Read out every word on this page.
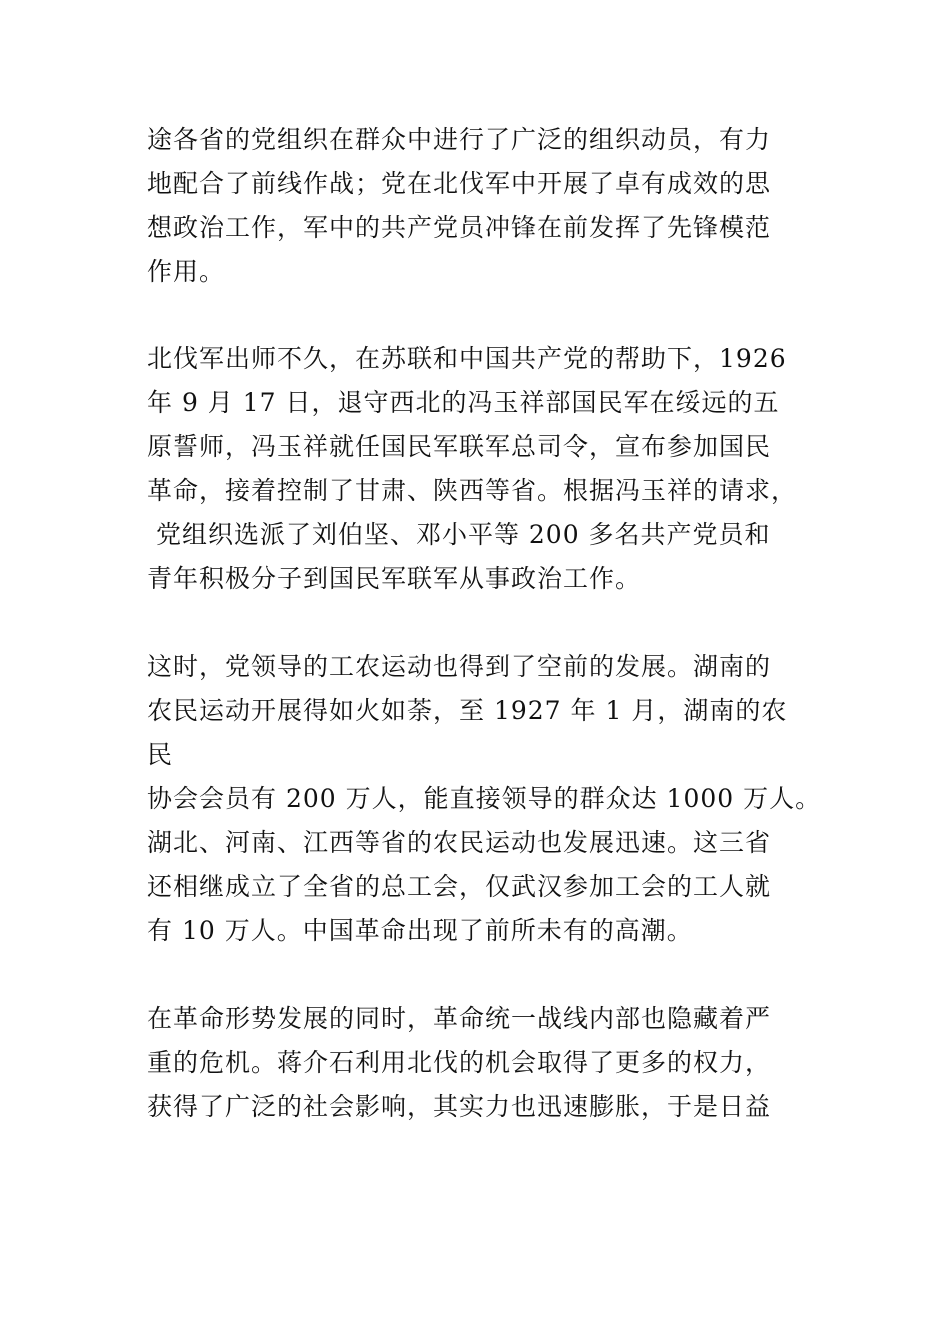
途各省的党组织在群众中进行了广泛的组织动员，有力
地配合了前线作战；党在北伐军中开展了卓有成效的思
想政治工作，军中的共产党员冲锋在前发挥了先锋模范
作用。
北伐军出师不久，在苏联和中国共产党的帮助下，1926
年 9 月 17 日，退守西北的冯玉祥部国民军在绥远的五
原誓师，冯玉祥就任国民军联军总司令，宣布参加国民
革命，接着控制了甘肃、陕西等省。根据冯玉祥的请求，
党组织选派了刘伯坚、邓小平等 200 多名共产党员和
青年积极分子到国民军联军从事政治工作。
这时，党领导的工农运动也得到了空前的发展。湖南的
农民运动开展得如火如荼，至 1927 年 1 月，湖南的农
民
协会会员有 200 万人，能直接领导的群众达 1000 万人。
湖北、河南、江西等省的农民运动也发展迅速。这三省
还相继成立了全省的总工会，仅武汉参加工会的工人就
有 10 万人。中国革命出现了前所未有的高潮。
在革命形势发展的同时，革命统一战线内部也隐藏着严
重的危机。蒋介石利用北伐的机会取得了更多的权力，
获得了广泛的社会影响，其实力也迅速膨胀，于是日益
